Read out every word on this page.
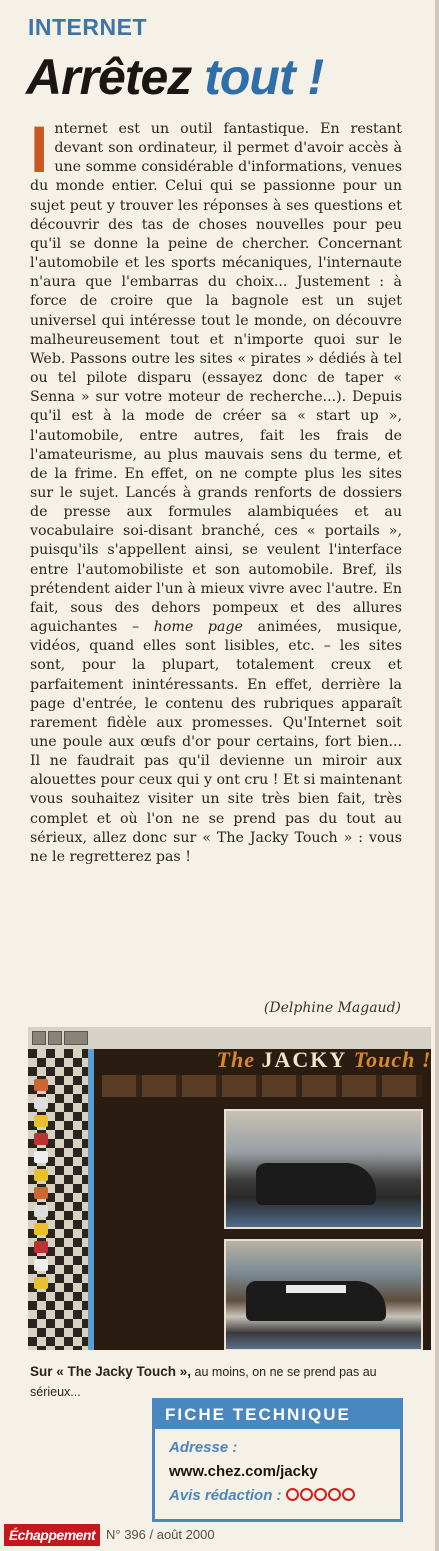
INTERNET
Arrêtez tout !

Internet est un outil fantastique. En restant devant son ordinateur, il permet d'avoir accès à une somme considérable d'informations, venues du monde entier. Celui qui se passionne pour un sujet peut y trouver les réponses à ses questions et découvrir des tas de choses nouvelles pour peu qu'il se donne la peine de chercher. Concernant l'automobile et les sports mécaniques, l'internaute n'aura que l'embarras du choix... Justement : à force de croire que la bagnole est un sujet universel qui intéresse tout le monde, on découvre malheureusement tout et n'importe quoi sur le Web. Passons outre les sites « pirates » dédiés à tel ou tel pilote disparu (essayez donc de taper « Senna » sur votre moteur de recherche...). Depuis qu'il est à la mode de créer sa « start up », l'automobile, entre autres, fait les frais de l'amateurisme, au plus mauvais sens du terme, et de la frime. En effet, on ne compte plus les sites sur le sujet. Lancés à grands renforts de dossiers de presse aux formules alambiquées et au vocabulaire soi-disant branché, ces « portails », puisqu'ils s'appellent ainsi, se veulent l'interface entre l'automobiliste et son automobile. Bref, ils prétendent aider l'un à mieux vivre avec l'autre. En fait, sous des dehors pompeux et des allures aguichantes – home page animées, musique, vidéos, quand elles sont lisibles, etc. – les sites sont, pour la plupart, totalement creux et parfaitement inintéressants. En effet, derrière la page d'entrée, le contenu des rubriques apparaît rarement fidèle aux promesses. Qu'Internet soit une poule aux œufs d'or pour certains, fort bien... Il ne faudrait pas qu'il devienne un miroir aux alouettes pour ceux qui y ont cru ! Et si maintenant vous souhaitez visiter un site très bien fait, très complet et où l'on ne se prend pas du tout au sérieux, allez donc sur « The Jacky Touch » : vous ne le regretterez pas !

(Delphine Magaud)
The JACKY Touch !
Sur « The Jacky Touch », au moins, on ne se prend pas au sérieux...
FICHE TECHNIQUE
Adresse :
www.chez.com/jacky
Avis rédaction :
Échappement N° 396 / août 2000
